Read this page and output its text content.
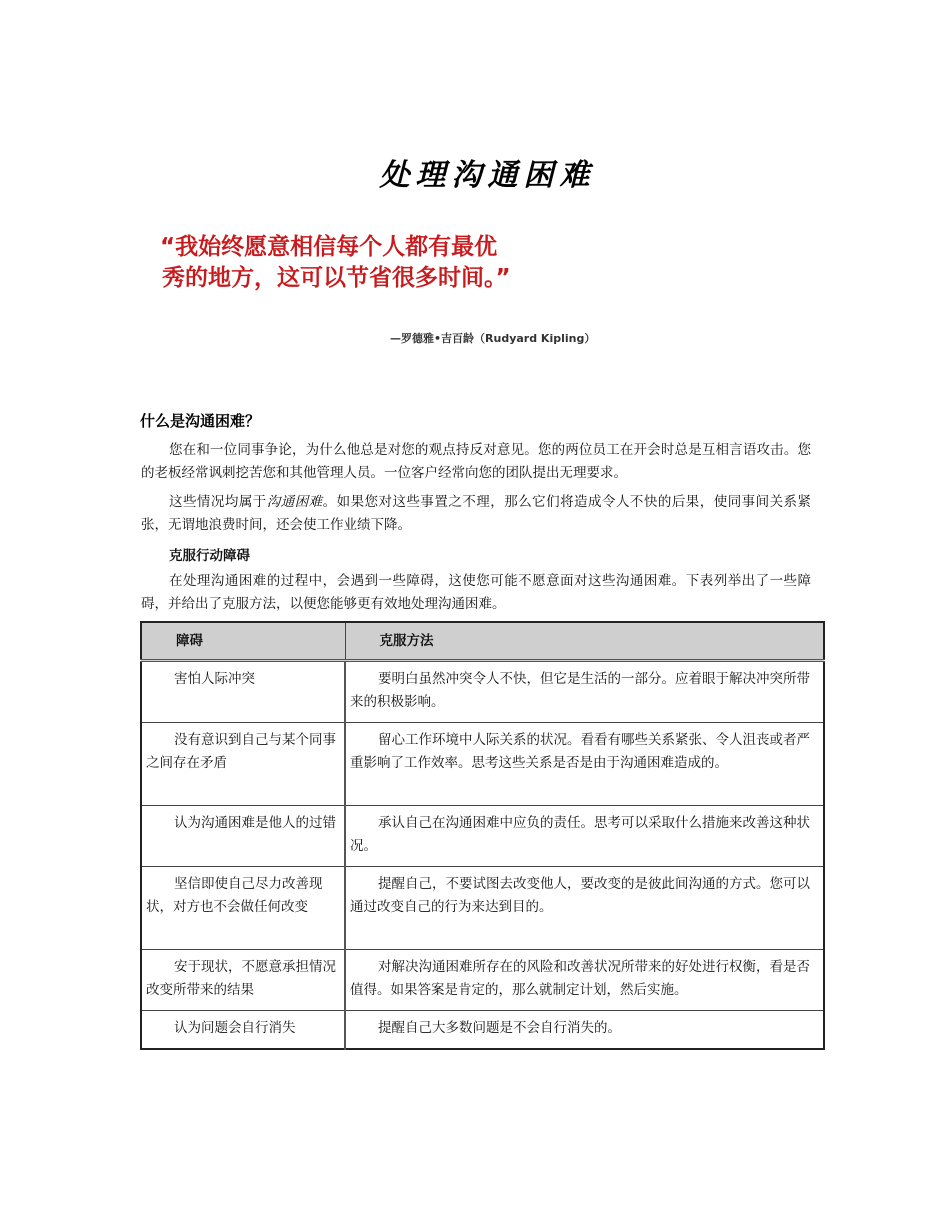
处理沟通困难
“我始终愿意相信每个人都有最优
秀的地方，这可以节省很多时间。”
—罗德雅•吉百龄（Rudyard Kipling）
什么是沟通困难？
您在和一位同事争论，为什么他总是对您的观点持反对意见。您的两位员工在开会时总是互相言语攻击。您的老板经常讽刺挖苦您和其他管理人员。一位客户经常向您的团队提出无理要求。
这些情况均属于沟通困难。如果您对这些事置之不理，那么它们将造成令人不快的后果，使同事间关系紧张，无谓地浪费时间，还会使工作业绩下降。
克服行动障碍
在处理沟通困难的过程中，会遇到一些障碍，这使您可能不愿意面对这些沟通困难。下表列举出了一些障碍，并给出了克服方法，以便您能够更有效地处理沟通困难。
障碍	克服方法

害怕人际冲突	要明白虽然冲突令人不快，但它是生活的一部分。应着眼于解决冲突所带来的积极影响。

没有意识到自己与某个同事之间存在矛盾	留心工作环境中人际关系的状况。看看有哪些关系紧张、令人沮丧或者严重影响了工作效率。思考这些关系是否是由于沟通困难造成的。

认为沟通困难是他人的过错	承认自己在沟通困难中应负的责任。思考可以采取什么措施来改善这种状况。

坚信即使自己尽力改善现状，对方也不会做任何改变	提醒自己，不要试图去改变他人，要改变的是彼此间沟通的方式。您可以通过改变自己的行为来达到目的。

安于现状，不愿意承担情况改变所带来的结果	对解决沟通困难所存在的风险和改善状况所带来的好处进行权衡，看是否值得。如果答案是肯定的，那么就制定计划，然后实施。

认为问题会自行消失	提醒自己大多数问题是不会自行消失的。
